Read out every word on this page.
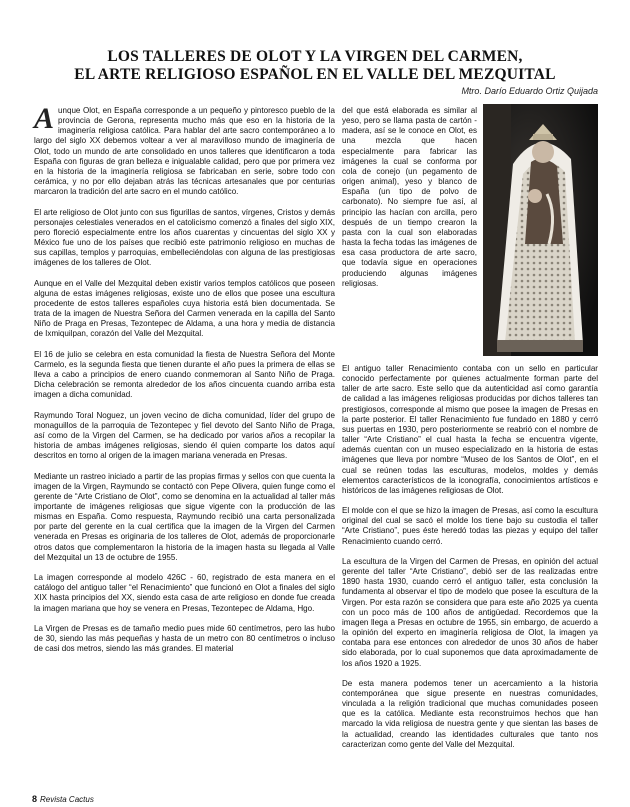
LOS TALLERES DE OLOT Y LA VIRGEN DEL CARMEN,
EL ARTE RELIGIOSO ESPAÑOL EN EL VALLE DEL MEZQUITAL
Mtro. Darío Eduardo Ortiz Quijada

Aunque Olot, en España corresponde a un pequeño y pintoresco pueblo de la provincia de Gerona, representa mucho más que eso en la historia de la imaginería religiosa católica. Para hablar del arte sacro contemporáneo a lo largo del siglo XX debemos voltear a ver al maravilloso mundo de imaginería de Olot, todo un mundo de arte consolidado en unos talleres que identificaron a toda España con figuras de gran belleza e inigualable calidad, pero que por primera vez en la historia de la imaginería religiosa se fabricaban en serie, sobre todo con cerámica, y no por ello dejaban atrás las técnicas artesanales que por centurias marcaron la tradición del arte sacro en el mundo católico.

El arte religioso de Olot junto con sus figurillas de santos, vírgenes, Cristos y demás personajes celestiales venerados en el catolicismo comenzó a finales del siglo XIX, pero floreció especialmente entre los años cuarentas y cincuentas del siglo XX y México fue uno de los países que recibió este patrimonio religioso en muchas de sus capillas, templos y parroquias, embelleciéndolas con alguna de las prestigiosas imágenes de los talleres de Olot.

Aunque en el Valle del Mezquital deben existir varios templos católicos que poseen alguna de estas imágenes religiosas, existe uno de ellos que posee una escultura procedente de estos talleres españoles cuya historia está bien documentada. Se trata de la imagen de Nuestra Señora del Carmen venerada en la capilla del Santo Niño de Praga en Presas, Tezontepec de Aldama, a una hora y media de distancia de Ixmiquilpan, corazón del Valle del Mezquital.

El 16 de julio se celebra en esta comunidad la fiesta de Nuestra Señora del Monte Carmelo, es la segunda fiesta que tienen durante el año pues la primera de ellas se lleva a cabo a principios de enero cuando conmemoran al Santo Niño de Praga. Dicha celebración se remonta alrededor de los años cincuenta cuando arriba esta imagen a dicha comunidad.

Raymundo Toral Noguez, un joven vecino de dicha comunidad, líder del grupo de monaguillos de la parroquia de Tezontepec y fiel devoto del Santo Niño de Praga, así como de la Virgen del Carmen, se ha dedicado por varios años a recopilar la historia de ambas imágenes religiosas, siendo él quien comparte los datos aquí descritos en torno al origen de la imagen mariana venerada en Presas.

Mediante un rastreo iniciado a partir de las propias firmas y sellos con que cuenta la imagen de la Virgen, Raymundo se contactó con Pepe Olivera, quien funge como el gerente de “Arte Cristiano de Olot”, como se denomina en la actualidad al taller más importante de imágenes religiosas que sigue vigente con la producción de las mismas en España. Como respuesta, Raymundo recibió una carta personalizada por parte del gerente en la cual certifica que la imagen de la Virgen del Carmen venerada en Presas es originaria de los talleres de Olot, además de proporcionarle otros datos que complementaron la historia de la imagen hasta su llegada al Valle del Mezquital un 13 de octubre de 1955.

La imagen corresponde al modelo 426C - 60, registrado de esta manera en el catálogo del antiguo taller “el Renacimiento” que funcionó en Olot a finales del siglo XIX hasta principios del XX, siendo esta casa de arte religioso en donde fue creada la imagen mariana que hoy se venera en Presas, Tezontepec de Aldama, Hgo.

La Virgen de Presas es de tamaño medio pues mide 60 centímetros, pero las hubo de 30, siendo las más pequeñas y hasta de un metro con 80 centímetros o incluso de casi dos metros, siendo las más grandes. El material

del que está elaborada es similar al yeso, pero se llama pasta de cartón - madera, así se le conoce en Olot, es una mezcla que hacen especialmente para fabricar las imágenes la cual se conforma por cola de conejo (un pegamento de origen animal), yeso y blanco de España (un tipo de polvo de carbonato). No siempre fue así, al principio las hacían con arcilla, pero después de un tiempo crearon la pasta con la cual son elaboradas hasta la fecha todas las imágenes de esa casa productora de arte sacro, que todavía sigue en operaciones produciendo algunas imágenes religiosas.

El antiguo taller Renacimiento contaba con un sello en particular conocido perfectamente por quienes actualmente forman parte del taller de arte sacro. Este sello que da autenticidad así como garantía de calidad a las imágenes religiosas producidas por dichos talleres tan prestigiosos, corresponde al mismo que posee la imagen de Presas en la parte posterior. El taller Renacimiento fue fundado en 1880 y cerró sus puertas en 1930, pero posteriormente se reabrió con el nombre de taller “Arte Cristiano” el cual hasta la fecha se encuentra vigente, además cuentan con un museo especializado en la historia de estas imágenes que lleva por nombre “Museo de los Santos de Olot”, en el cual se reúnen todas las esculturas, modelos, moldes y demás elementos característicos de la iconografía, conocimientos artísticos e históricos de las imágenes religiosas de Olot.

El molde con el que se hizo la imagen de Presas, así como la escultura original del cual se sacó el molde los tiene bajo su custodia el taller “Arte Cristiano”, pues éste heredó todas las piezas y equipo del taller Renacimiento cuando cerró.

La escultura de la Virgen del Carmen de Presas, en opinión del actual gerente del taller “Arte Cristiano”, debió ser de las realizadas entre 1890 hasta 1930, cuando cerró el antiguo taller, esta conclusión la fundamenta al observar el tipo de modelo que posee la escultura de la Virgen. Por esta razón se considera que para este año 2025 ya cuenta con un poco más de 100 años de antigüedad. Recordemos que la imagen llega a Presas en octubre de 1955, sin embargo, de acuerdo a la opinión del experto en imaginería religiosa de Olot, la imagen ya contaba para ese entonces con alrededor de unos 30 años de haber sido elaborada, por lo cual suponemos que data aproximadamente de los años 1920 a 1925.

De esta manera podemos tener un acercamiento a la historia contemporánea que sigue presente en nuestras comunidades, vinculada a la religión tradicional que muchas comunidades poseen que es la católica. Mediante esta reconstruimos hechos que han marcado la vida religiosa de nuestra gente y que sientan las bases de la actualidad, creando las identidades culturales que tanto nos caracterizan como gente del Valle del Mezquital.

8 Revista Cactus
